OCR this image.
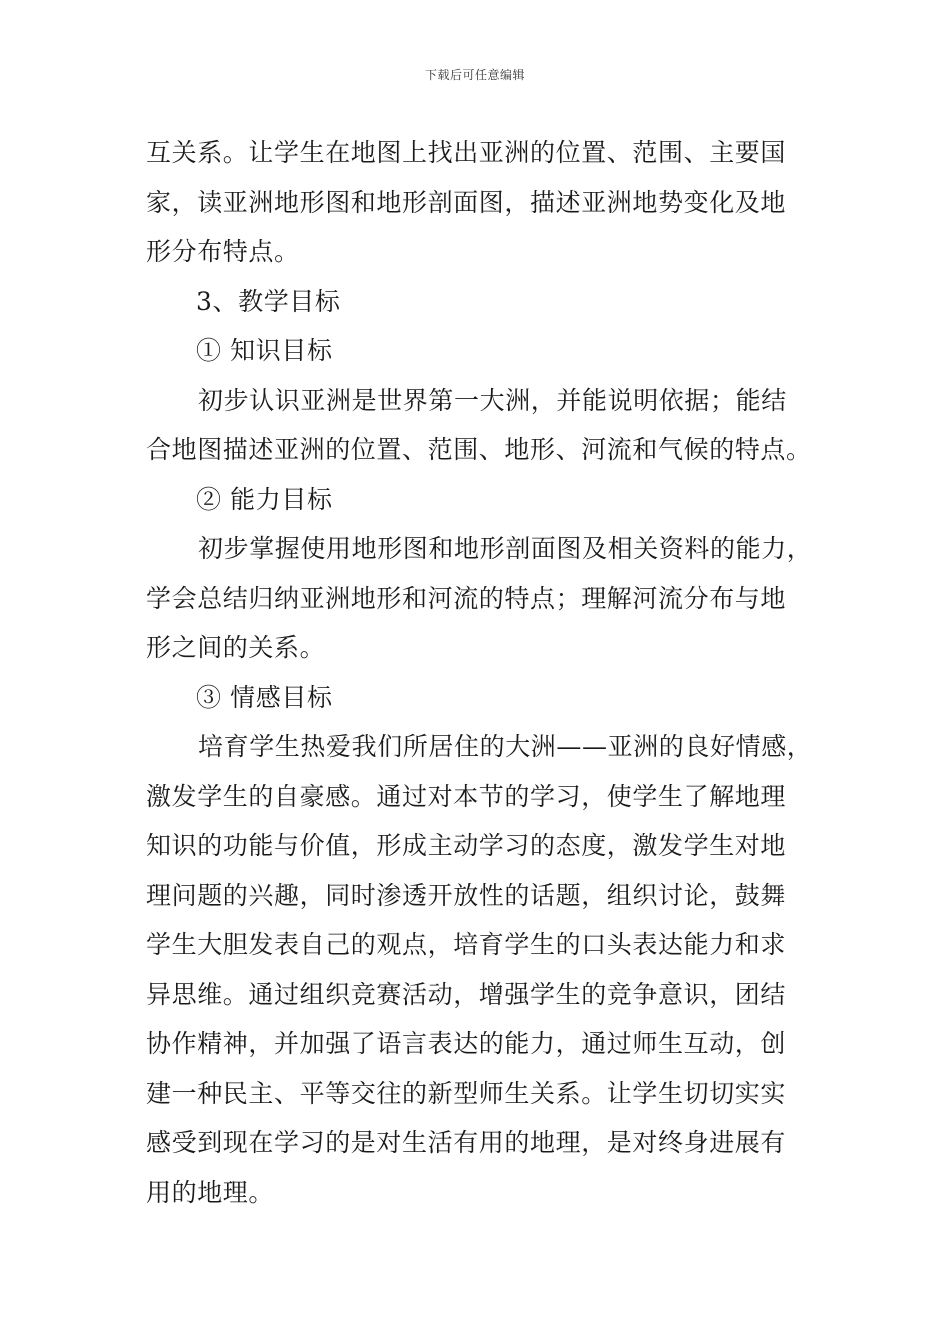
下载后可任意编辑
互关系。让学生在地图上找出亚洲的位置、范围、主要国
家，读亚洲地形图和地形剖面图，描述亚洲地势变化及地
形分布特点。
3、教学目标
① 知识目标
初步认识亚洲是世界第一大洲，并能说明依据；能结
合地图描述亚洲的位置、范围、地形、河流和气候的特点。
② 能力目标
初步掌握使用地形图和地形剖面图及相关资料的能力，
学会总结归纳亚洲地形和河流的特点；理解河流分布与地
形之间的关系。
③ 情感目标
培育学生热爱我们所居住的大洲——亚洲的良好情感，
激发学生的自豪感。通过对本节的学习，使学生了解地理
知识的功能与价值，形成主动学习的态度，激发学生对地
理问题的兴趣，同时渗透开放性的话题，组织讨论，鼓舞
学生大胆发表自己的观点，培育学生的口头表达能力和求
异思维。通过组织竞赛活动，增强学生的竞争意识，团结
协作精神，并加强了语言表达的能力，通过师生互动，创
建一种民主、平等交往的新型师生关系。让学生切切实实
感受到现在学习的是对生活有用的地理，是对终身进展有
用的地理。
